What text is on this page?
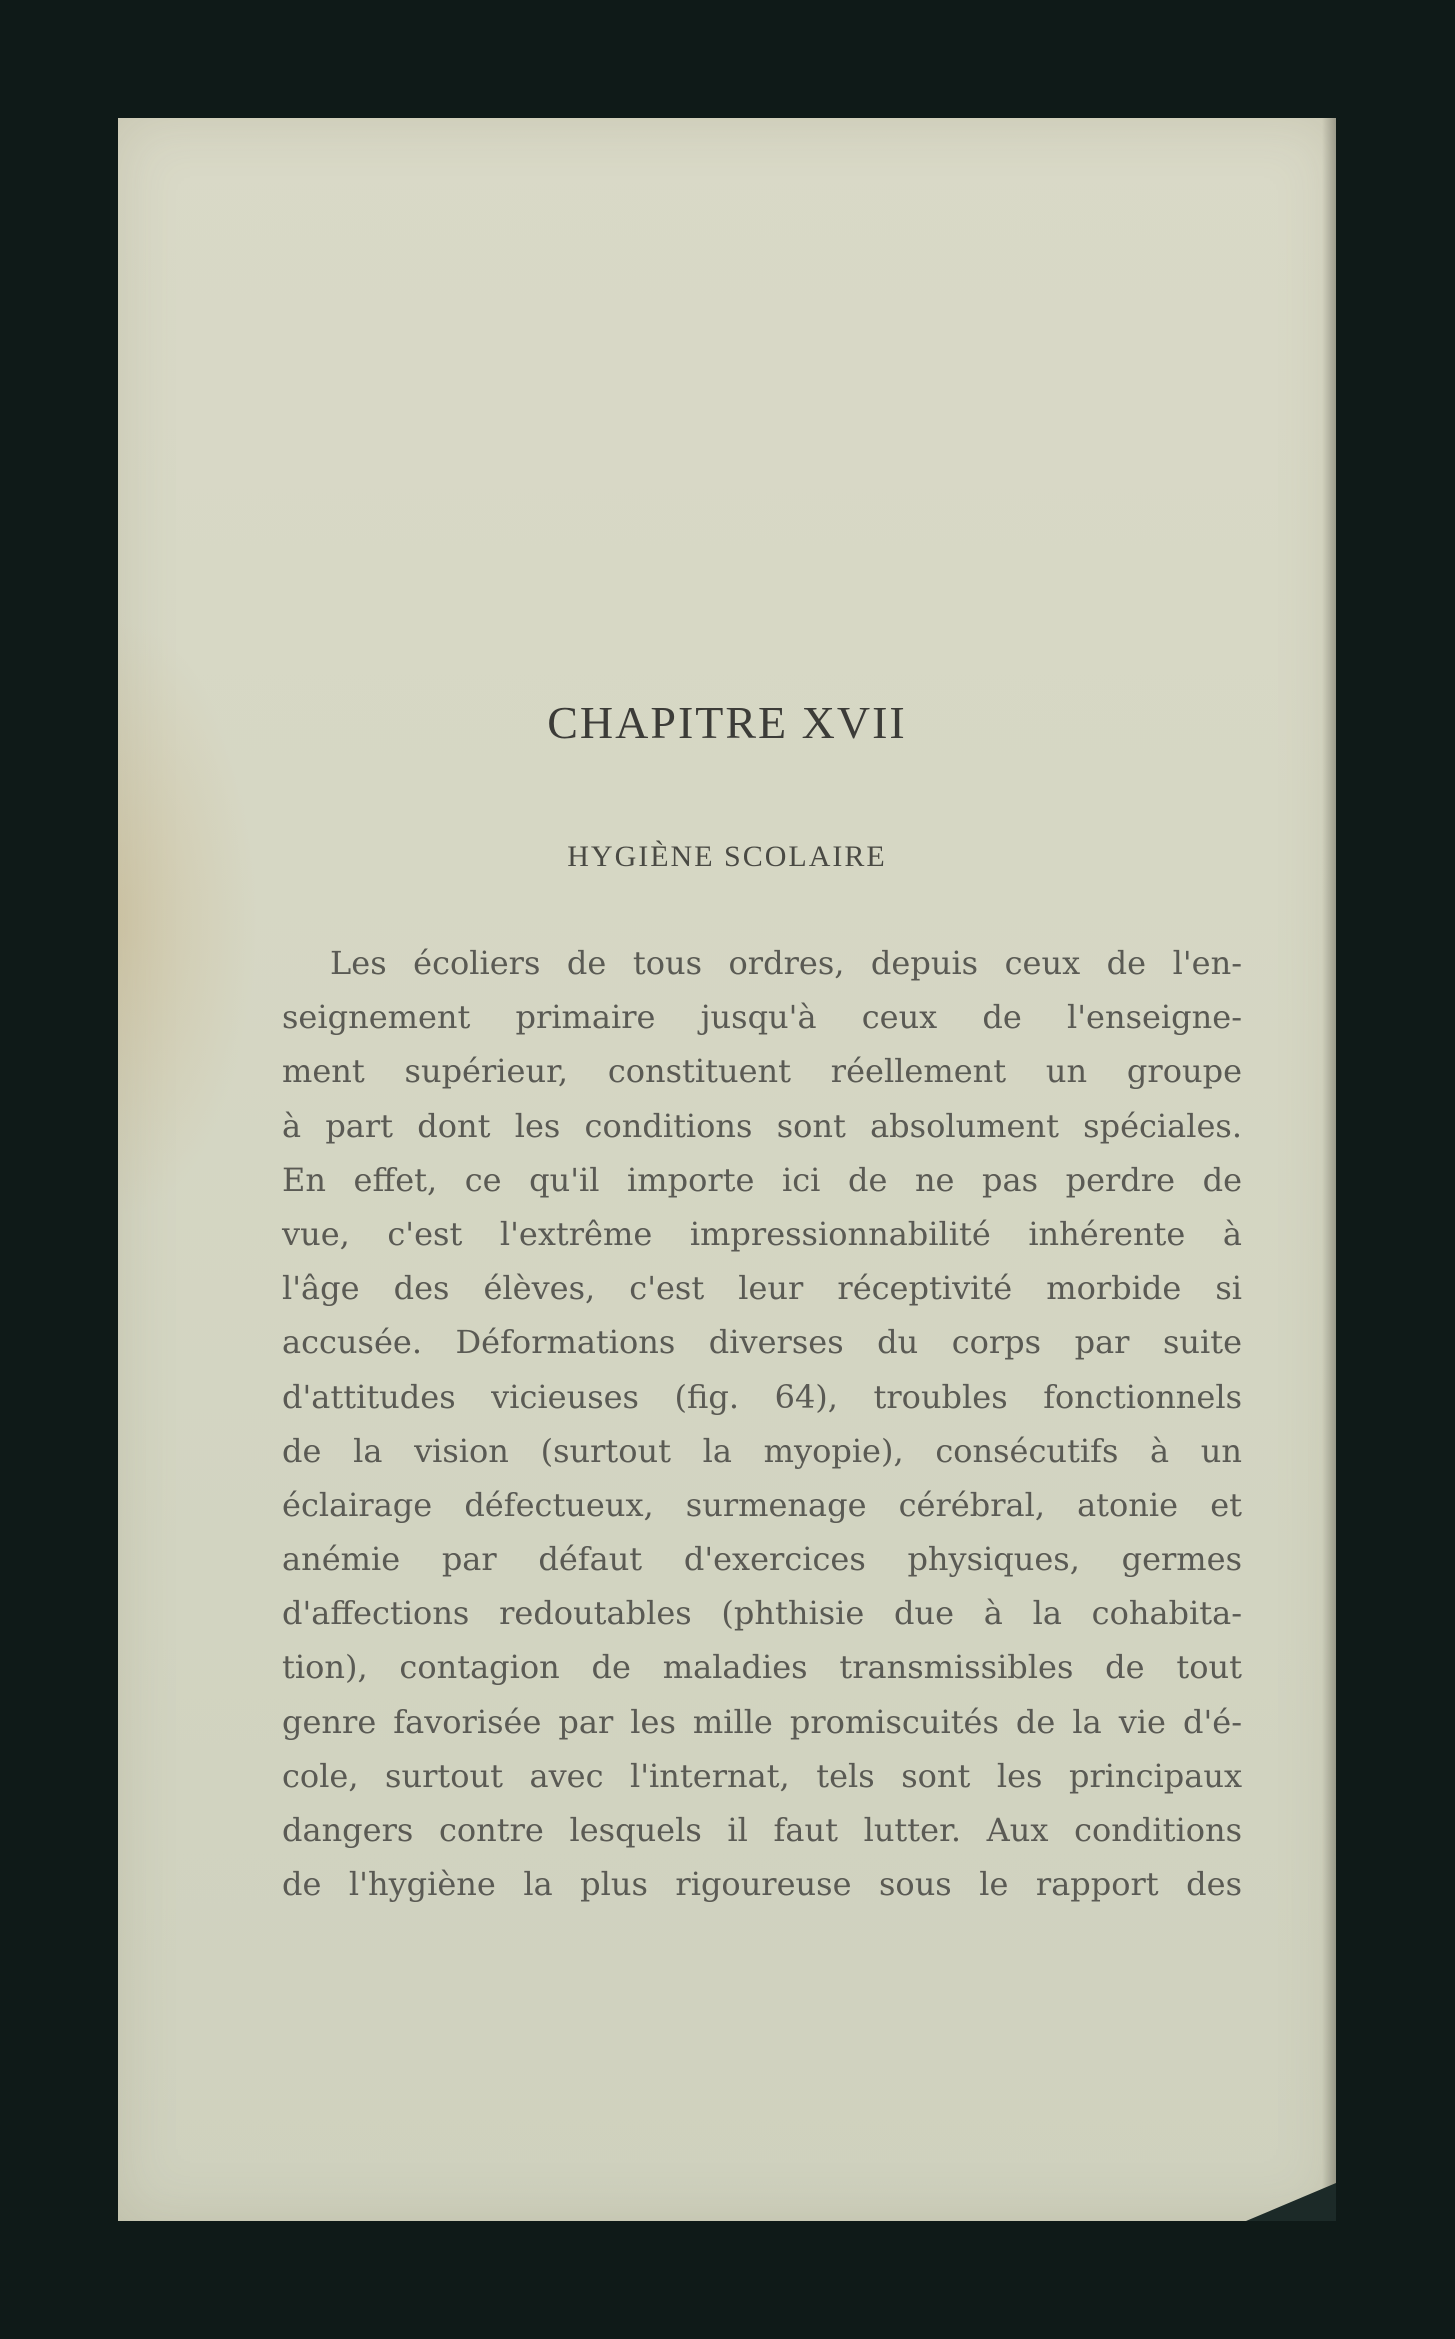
CHAPITRE XVII
HYGIÈNE SCOLAIRE
Les écoliers de tous ordres, depuis ceux de l'en-
seignement primaire jusqu'à ceux de l'enseigne-
ment supérieur, constituent réellement un groupe
à part dont les conditions sont absolument spéciales.
En effet, ce qu'il importe ici de ne pas perdre de
vue, c'est l'extrême impressionnabilité inhérente à
l'âge des élèves, c'est leur réceptivité morbide si
accusée. Déformations diverses du corps par suite
d'attitudes vicieuses (fig. 64), troubles fonctionnels
de la vision (surtout la myopie), consécutifs à un
éclairage défectueux, surmenage cérébral, atonie et
anémie par défaut d'exercices physiques, germes
d'affections redoutables (phthisie due à la cohabita-
tion), contagion de maladies transmissibles de tout
genre favorisée par les mille promiscuités de la vie d'é-
cole, surtout avec l'internat, tels sont les principaux
dangers contre lesquels il faut lutter. Aux conditions
de l'hygiène la plus rigoureuse sous le rapport des
